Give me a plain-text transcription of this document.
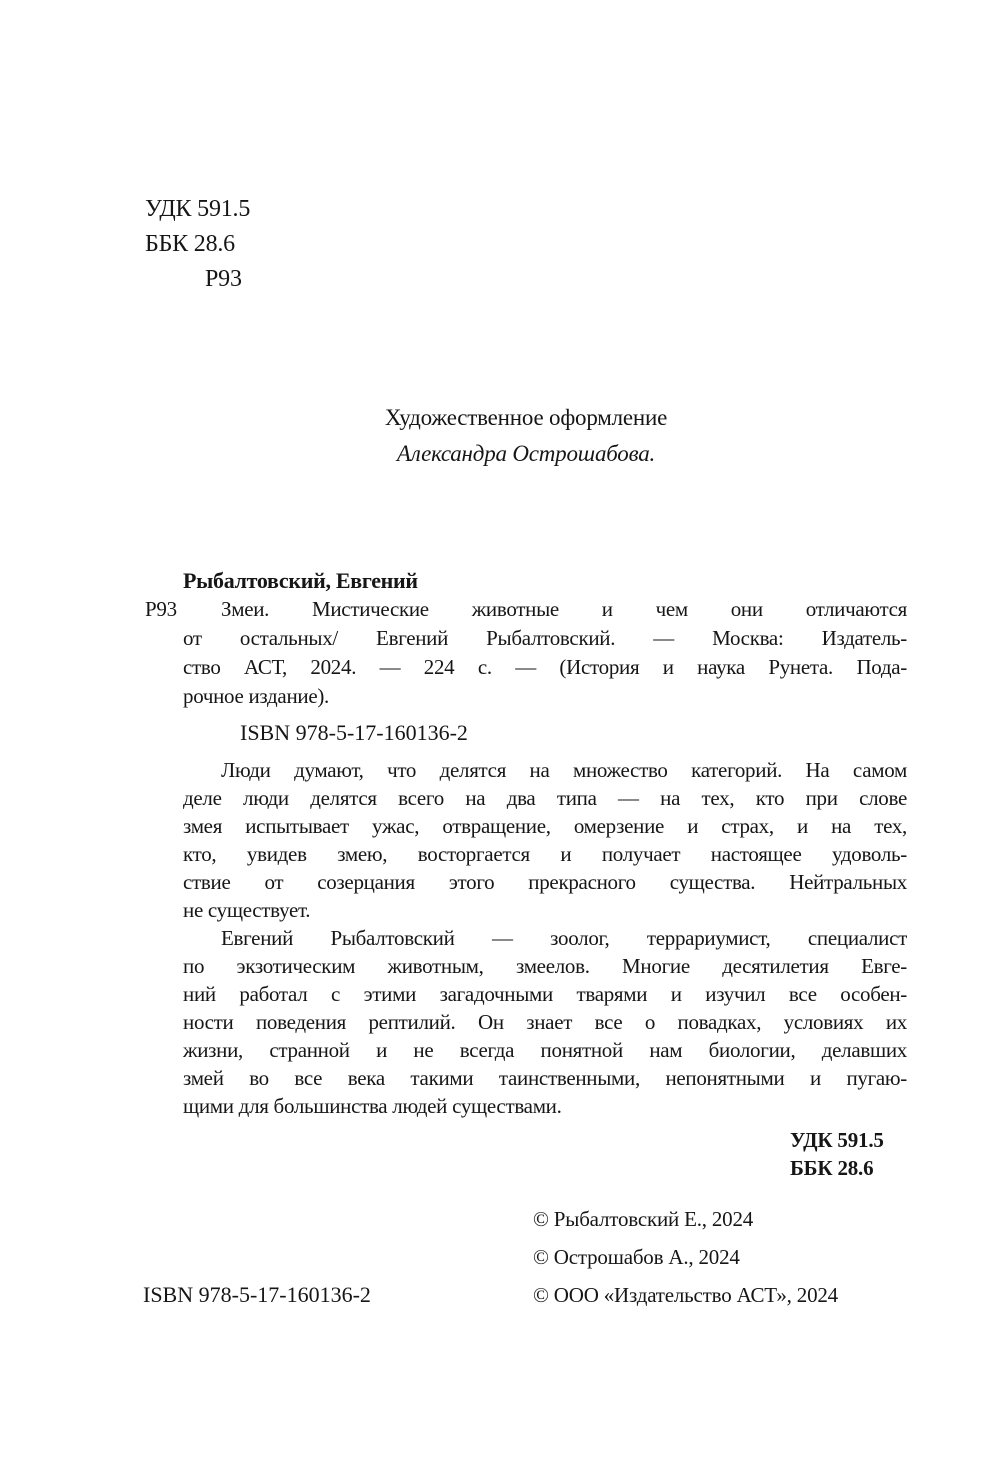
УДК 591.5
ББК 28.6
Р93
Художественное оформление
Александра Острошабова.
Р93
Рыбалтовский, Евгений
Змеи. Мистические животные и чем они отличаются
от остальных/ Евгений Рыбалтовский. — Москва: Издатель-
ство АСТ, 2024. — 224 с. — (История и наука Рунета. Пода-
рочное издание).
ISBN 978-5-17-160136-2
Люди думают, что делятся на множество категорий. На самом
деле люди делятся всего на два типа — на тех, кто при слове
змея испытывает ужас, отвращение, омерзение и страх, и на тех,
кто, увидев змею, восторгается и получает настоящее удоволь-
ствие от созерцания этого прекрасного существа. Нейтральных
не существует.
Евгений Рыбалтовский — зоолог, террариумист, специалист
по экзотическим животным, змеелов. Многие десятилетия Евге-
ний работал с этими загадочными тварями и изучил все особен-
ности поведения рептилий. Он знает все о повадках, условиях их
жизни, странной и не всегда понятной нам биологии, делавших
змей во все века такими таинственными, непонятными и пугаю-
щими для большинства людей существами.
УДК 591.5
ББК 28.6
© Рыбалтовский Е., 2024
© Острошабов А., 2024
© ООО «Издательство АСТ», 2024
ISBN 978-5-17-160136-2
